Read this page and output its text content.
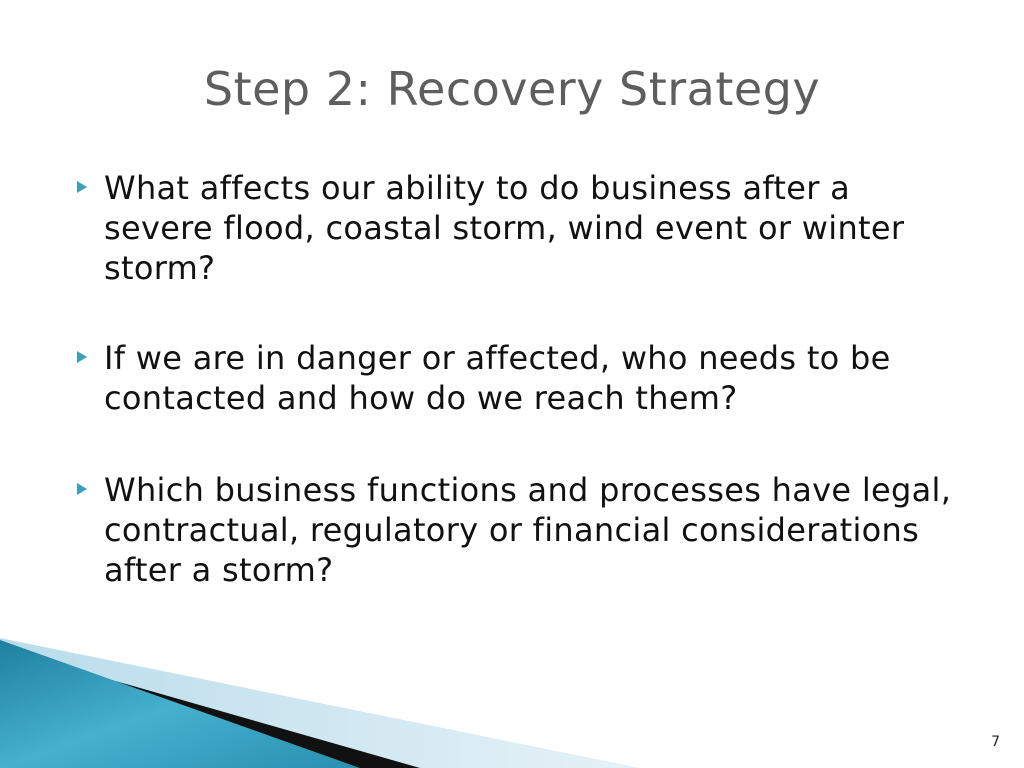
Step 2: Recovery Strategy
What affects our ability to do business after a severe flood, coastal storm, wind event or winter storm?
If we are in danger or affected, who needs to be contacted and how do we reach them?
Which business functions and processes have legal, contractual, regulatory or financial considerations after a storm?
7
